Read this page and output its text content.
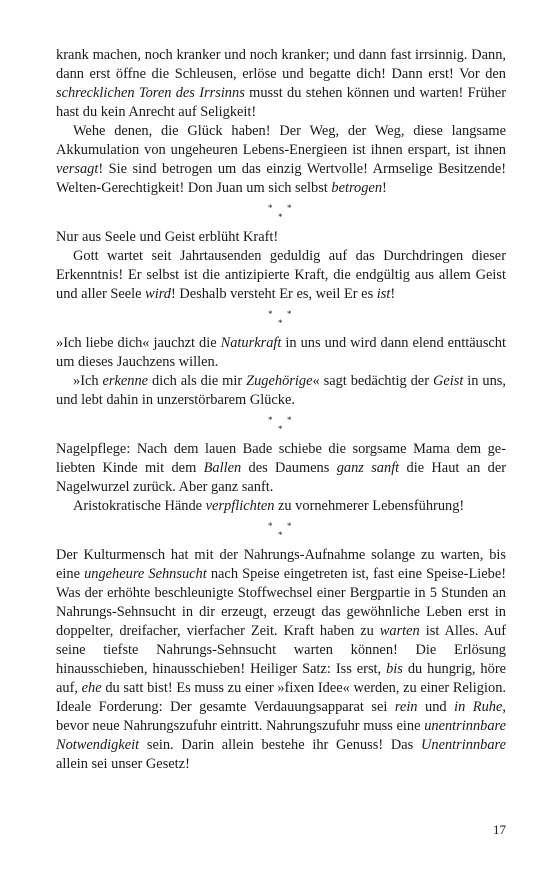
krank machen, noch kranker und noch kranker; und dann fast irrsinnig. Dann, dann erst öffne die Schleusen, erlöse und begatte dich! Dann erst! Vor den schrecklichen Toren des Irrsinns musst du stehen können und warten! Früher hast du kein Anrecht auf Seligkeit!

Wehe denen, die Glück haben! Der Weg, der Weg, diese langsame Akkumulation von ungeheuren Lebens-Energieen ist ihnen erspart, ist ihnen versagt! Sie sind betrogen um das einzig Wertvolle! Armselige Besitzende! Welten-Gerechtigkeit! Don Juan um sich selbst betrogen!

* *
*

Nur aus Seele und Geist erblüht Kraft!

Gott wartet seit Jahrtausenden geduldig auf das Durchdringen dieser Erkenntnis! Er selbst ist die antizipierte Kraft, die endgültig aus allem Geist und aller Seele wird! Deshalb versteht Er es, weil Er es ist!

* *
*

»Ich liebe dich« jauchzt die Naturkraft in uns und wird dann elend enttäuscht um dieses Jauchzens willen.

»Ich erkenne dich als die mir Zugehörige« sagt bedächtig der Geist in uns, und lebt dahin in unzerstörbarem Glücke.

* *
*

Nagelpflege: Nach dem lauen Bade schiebe die sorgsame Mama dem geliebten Kinde mit dem Ballen des Daumens ganz sanft die Haut an der Nagelwurzel zurück. Aber ganz sanft.

Aristokratische Hände verpflichten zu vornehmerer Lebensführung!

* *
*

Der Kulturmensch hat mit der Nahrungs-Aufnahme solange zu warten, bis eine ungeheure Sehnsucht nach Speise eingetreten ist, fast eine Speise-Liebe! Was der erhöhte beschleunigte Stoffwechsel einer Bergpartie in 5 Stunden an Nahrungs-Sehnsucht in dir erzeugt, erzeugt das gewöhnliche Leben erst in doppelter, dreifacher, vierfacher Zeit. Kraft haben zu warten ist Alles. Auf seine tiefste Nahrungs-Sehnsucht warten können! Die Erlösung hinausschieben, hinausschieben! Heiliger Satz: Iss erst, bis du hungrig, höre auf, ehe du satt bist! Es muss zu einer »fixen Idee« werden, zu einer Religion. Ideale Forderung: Der gesamte Verdauungsapparat sei rein und in Ruhe, bevor neue Nahrungszufuhr eintritt. Nahrungszufuhr muss eine unentrinnbare Notwendigkeit sein. Darin allein bestehe ihr Genuss! Das Unentrinnbare allein sei unser Gesetz!

17
